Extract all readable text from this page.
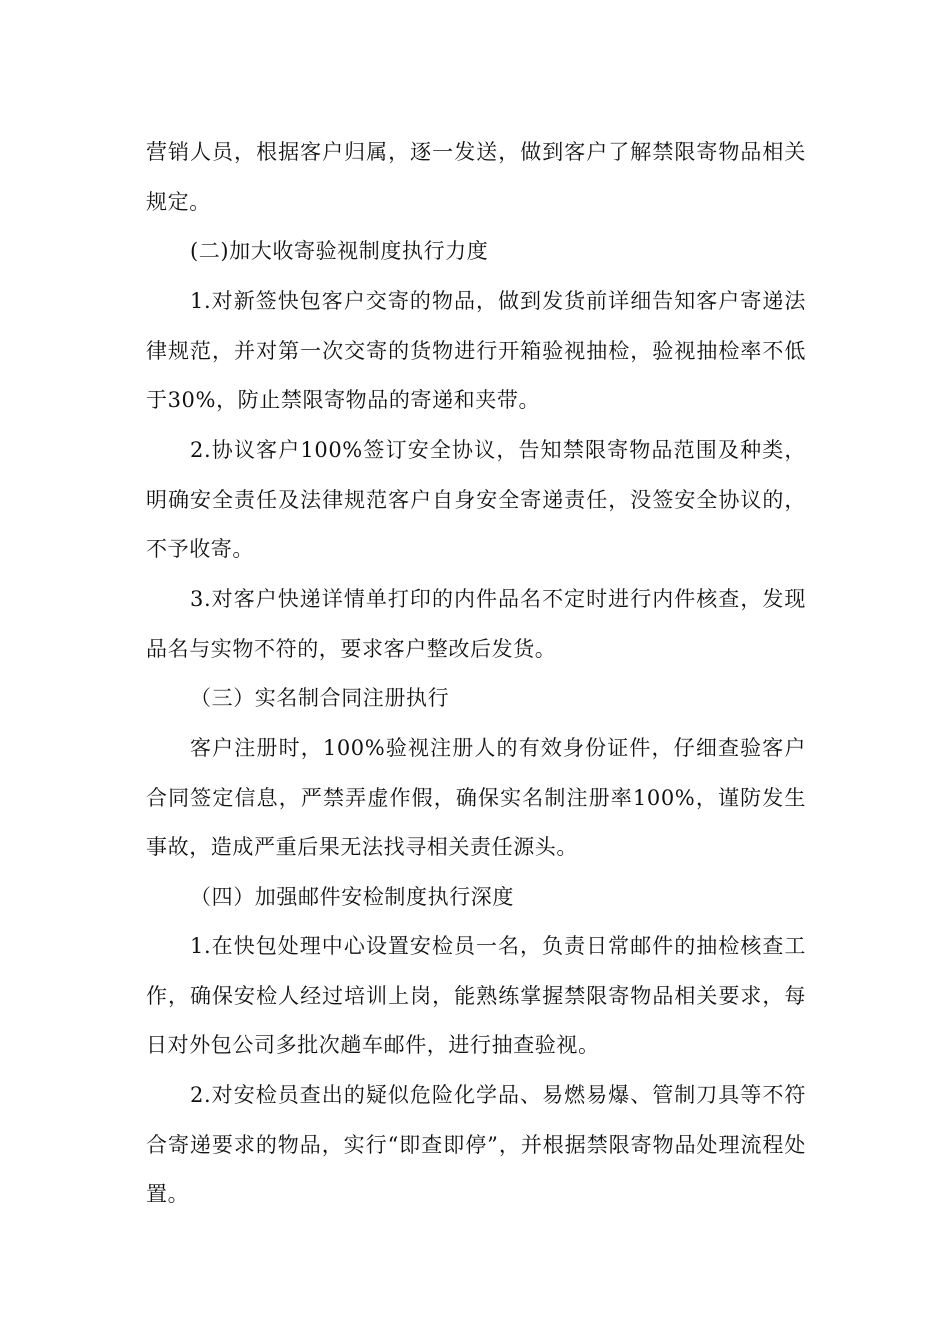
营销人员，根据客户归属，逐一发送，做到客户了解禁限寄物品相关规定。

(二)加大收寄验视制度执行力度

1.对新签快包客户交寄的物品，做到发货前详细告知客户寄递法律规范，并对第一次交寄的货物进行开箱验视抽检，验视抽检率不低于30%，防止禁限寄物品的寄递和夹带。

2.协议客户100%签订安全协议，告知禁限寄物品范围及种类，明确安全责任及法律规范客户自身安全寄递责任，没签安全协议的，不予收寄。

3.对客户快递详情单打印的内件品名不定时进行内件核查，发现品名与实物不符的，要求客户整改后发货。

（三）实名制合同注册执行

客户注册时，100%验视注册人的有效身份证件，仔细查验客户合同签定信息，严禁弄虚作假，确保实名制注册率100%，谨防发生事故，造成严重后果无法找寻相关责任源头。

（四）加强邮件安检制度执行深度

1.在快包处理中心设置安检员一名，负责日常邮件的抽检核查工作，确保安检人经过培训上岗，能熟练掌握禁限寄物品相关要求，每日对外包公司多批次趟车邮件，进行抽查验视。

2.对安检员查出的疑似危险化学品、易燃易爆、管制刀具等不符合寄递要求的物品，实行“即查即停”，并根据禁限寄物品处理流程处置。
